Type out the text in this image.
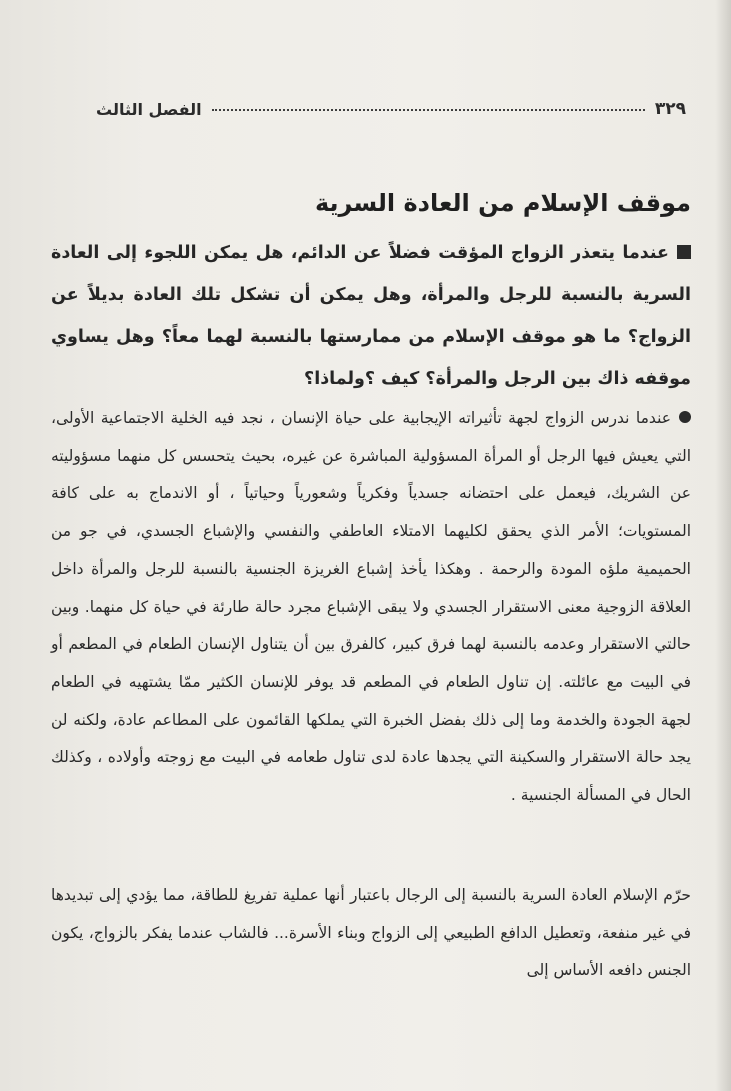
٣٢٩
الفصل الثالث
موقف الإسلام من العادة السرية

عندما يتعذر الزواج المؤقت فضلاً عن الدائم، هل يمكن اللجوء إلى العادة السرية بالنسبة للرجل والمرأة، وهل يمكن أن تشكل تلك العادة بديلاً عن الزواج؟ ما هو موقف الإسلام من ممارستها بالنسبة لهما معاً؟ وهل يساوي موقفه ذاك بين الرجل والمرأة؟ كيف ؟ولماذا؟

عندما ندرس الزواج لجهة تأثيراته الإيجابية على حياة الإنسان ، نجد فيه الخلية الاجتماعية الأولى، التي يعيش فيها الرجل أو المرأة المسؤولية المباشرة عن غيره، بحيث يتحسس كل منهما مسؤوليته عن الشريك، فيعمل على احتضانه جسدياً وفكرياً وشعورياً وحياتياً ، أو الاندماج به على كافة المستويات؛ الأمر الذي يحقق لكليهما الامتلاء العاطفي والنفسي والإشباع الجسدي، في جو من الحميمية ملؤه المودة والرحمة . وهكذا يأخذ إشباع الغريزة الجنسية بالنسبة للرجل والمرأة داخل العلاقة الزوجية معنى الاستقرار الجسدي ولا يبقى الإشباع مجرد حالة طارئة في حياة كل منهما. وبين حالتي الاستقرار وعدمه بالنسبة لهما فرق كبير، كالفرق بين أن يتناول الإنسان الطعام في المطعم أو في البيت مع عائلته. إن تناول الطعام في المطعم قد يوفر للإنسان الكثير ممّا يشتهيه في الطعام لجهة الجودة والخدمة وما إلى ذلك بفضل الخبرة التي يملكها القائمون على المطاعم عادة، ولكنه لن يجد حالة الاستقرار والسكينة التي يجدها عادة لدى تناول طعامه في البيت مع زوجته وأولاده ، وكذلك الحال في المسألة الجنسية .

حرّم الإسلام العادة السرية بالنسبة إلى الرجال باعتبار أنها عملية تفريغ للطاقة، مما يؤدي إلى تبديدها في غير منفعة، وتعطيل الدافع الطبيعي إلى الزواج وبناء الأسرة... فالشاب عندما يفكر بالزواج، يكون الجنس دافعه الأساس إلى
